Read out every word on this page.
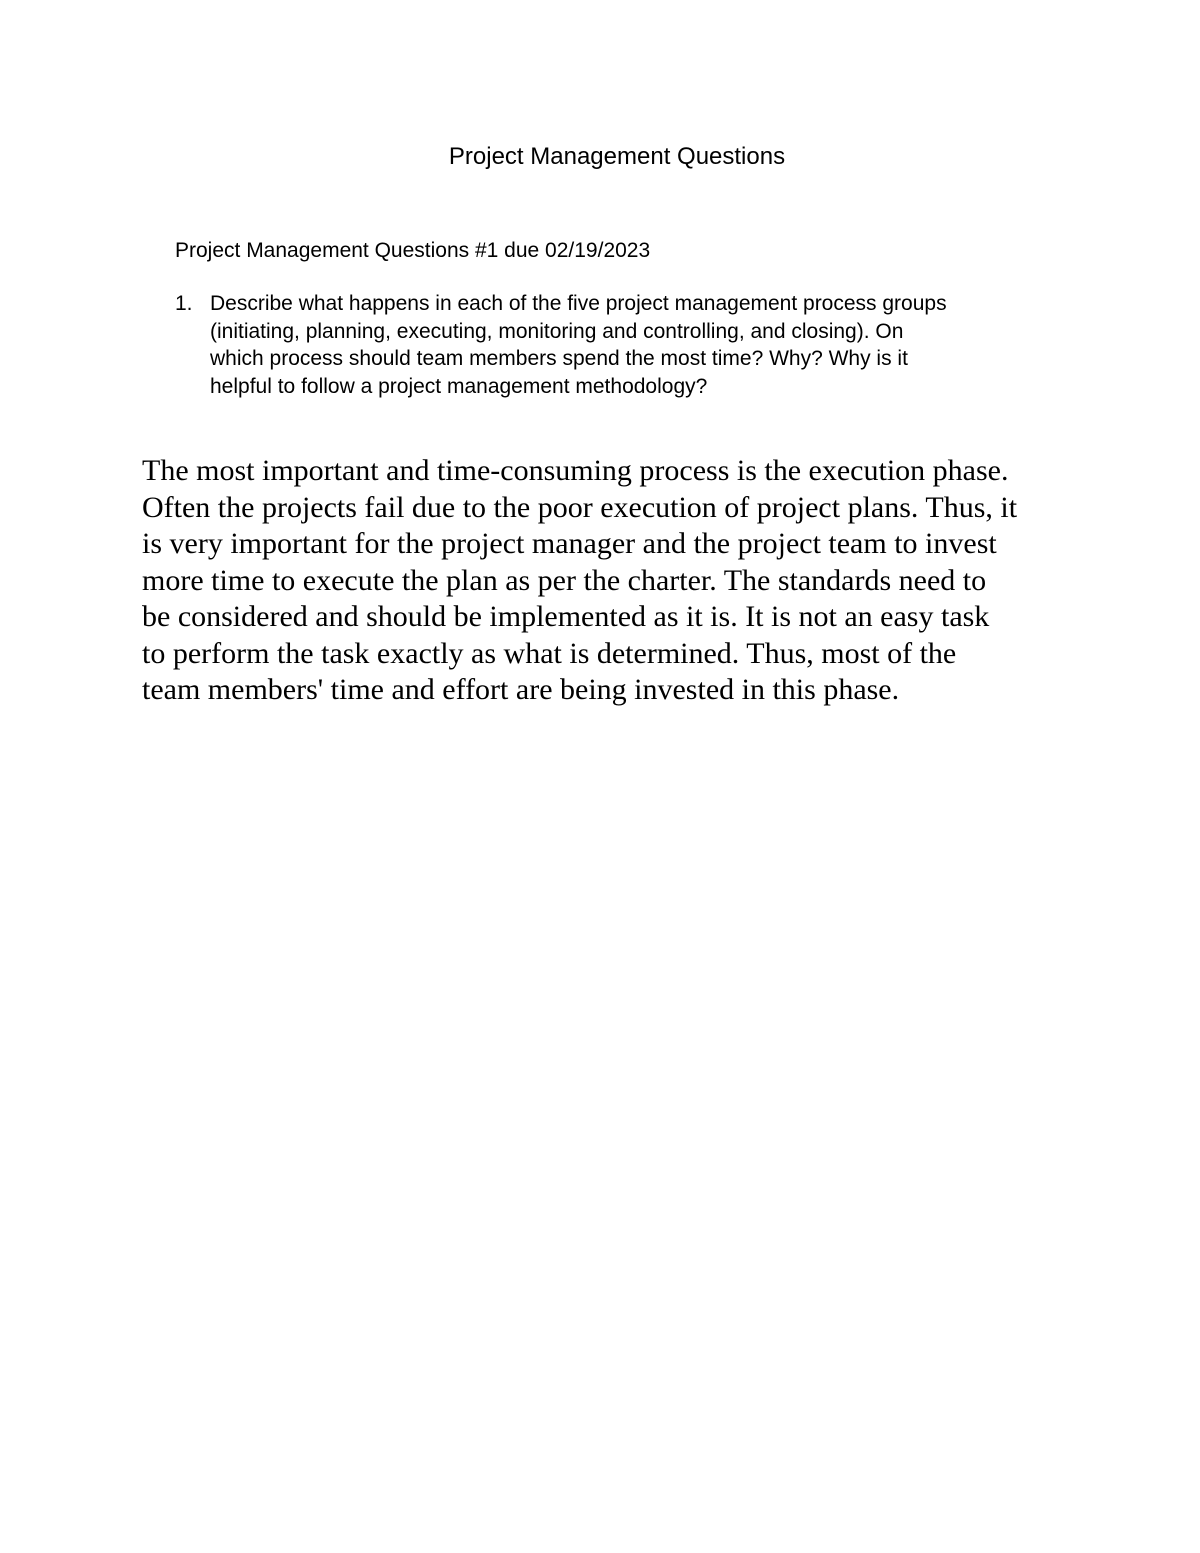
Project Management Questions

Project Management Questions #1 due 02/19/2023

1. Describe what happens in each of the five project management process groups
(initiating, planning, executing, monitoring and controlling, and closing). On
which process should team members spend the most time? Why? Why is it
helpful to follow a project management methodology?

The most important and time-consuming process is the execution phase.
Often the projects fail due to the poor execution of project plans. Thus, it
is very important for the project manager and the project team to invest
more time to execute the plan as per the charter. The standards need to
be considered and should be implemented as it is. It is not an easy task
to perform the task exactly as what is determined. Thus, most of the
team members' time and effort are being invested in this phase.
